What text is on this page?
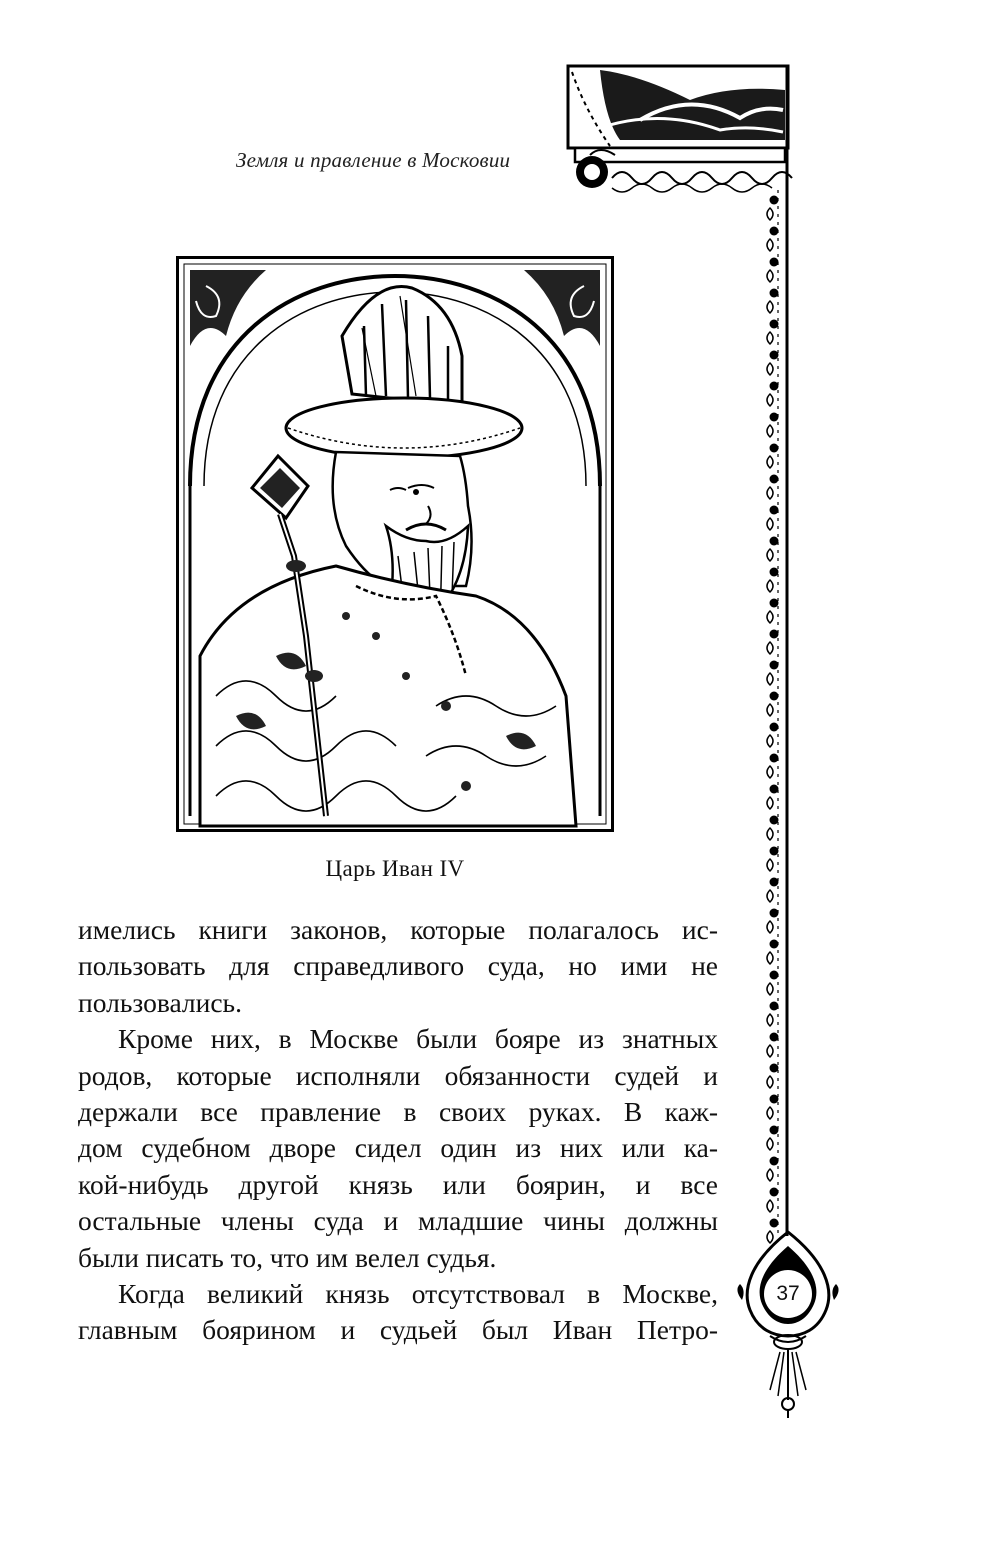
Земля и правление в Московии
Царь Иван IV
имелись книги законов, которые полагалось ис-
пользовать для справедливого суда, но ими не
пользовались.
Кроме них, в Москве были бояре из знатных
родов, которые исполняли обязанности судей и
держали все правление в своих руках. В каж-
дом судебном дворе сидел один из них или ка-
кой-нибудь другой князь или боярин, и все
остальные члены суда и младшие чины должны
были писать то, что им велел судья.
Когда великий князь отсутствовал в Москве,
главным боярином и судьей был Иван Петро-
37
